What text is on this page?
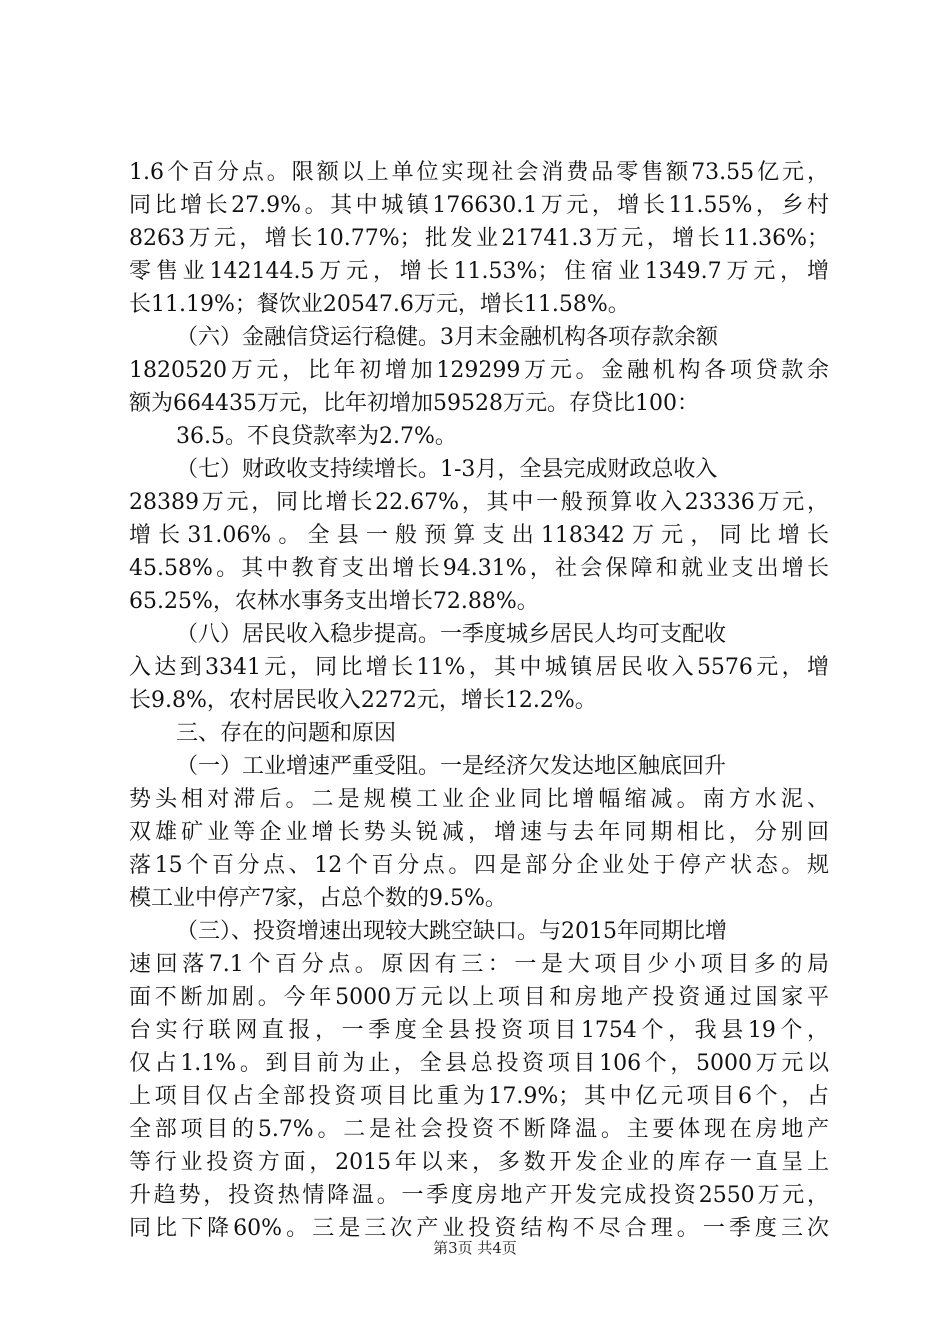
1.6个百分点。限额以上单位实现社会消费品零售额73.55亿元，
同比增长27.9%。其中城镇176630.1万元，增长11.55%，乡村
8263万元，增长10.77%；批发业21741.3万元，增长11.36%；
零售业142144.5万元，增长11.53%；住宿业1349.7万元，增
长11.19%；餐饮业20547.6万元，增长11.58%。
（六）金融信贷运行稳健。3月末金融机构各项存款余额
1820520万元，比年初增加129299万元。金融机构各项贷款余
额为664435万元，比年初增加59528万元。存贷比100：
36.5。不良贷款率为2.7%。
（七）财政收支持续增长。1-3月，全县完成财政总收入
28389万元，同比增长22.67%，其中一般预算收入23336万元，
增长31.06%。全县一般预算支出118342万元，同比增长
45.58%。其中教育支出增长94.31%，社会保障和就业支出增长
65.25%，农林水事务支出增长72.88%。
（八）居民收入稳步提高。一季度城乡居民人均可支配收
入达到3341元，同比增长11%，其中城镇居民收入5576元，增
长9.8%，农村居民收入2272元，增长12.2%。
三、存在的问题和原因
（一）工业增速严重受阻。一是经济欠发达地区触底回升
势头相对滞后。二是规模工业企业同比增幅缩减。南方水泥、
双雄矿业等企业增长势头锐减，增速与去年同期相比，分别回
落15个百分点、12个百分点。四是部分企业处于停产状态。规
模工业中停产7家，占总个数的9.5%。
（三）、投资增速出现较大跳空缺口。与2015年同期比增
速回落7.1个百分点。原因有三：一是大项目少小项目多的局
面不断加剧。今年5000万元以上项目和房地产投资通过国家平
台实行联网直报，一季度全县投资项目1754个，我县19个，
仅占1.1%。到目前为止，全县总投资项目106个，5000万元以
上项目仅占全部投资项目比重为17.9%；其中亿元项目6个，占
全部项目的5.7%。二是社会投资不断降温。主要体现在房地产
等行业投资方面，2015年以来，多数开发企业的库存一直呈上
升趋势，投资热情降温。一季度房地产开发完成投资2550万元，
同比下降60%。三是三次产业投资结构不尽合理。一季度三次
第3页 共4页
